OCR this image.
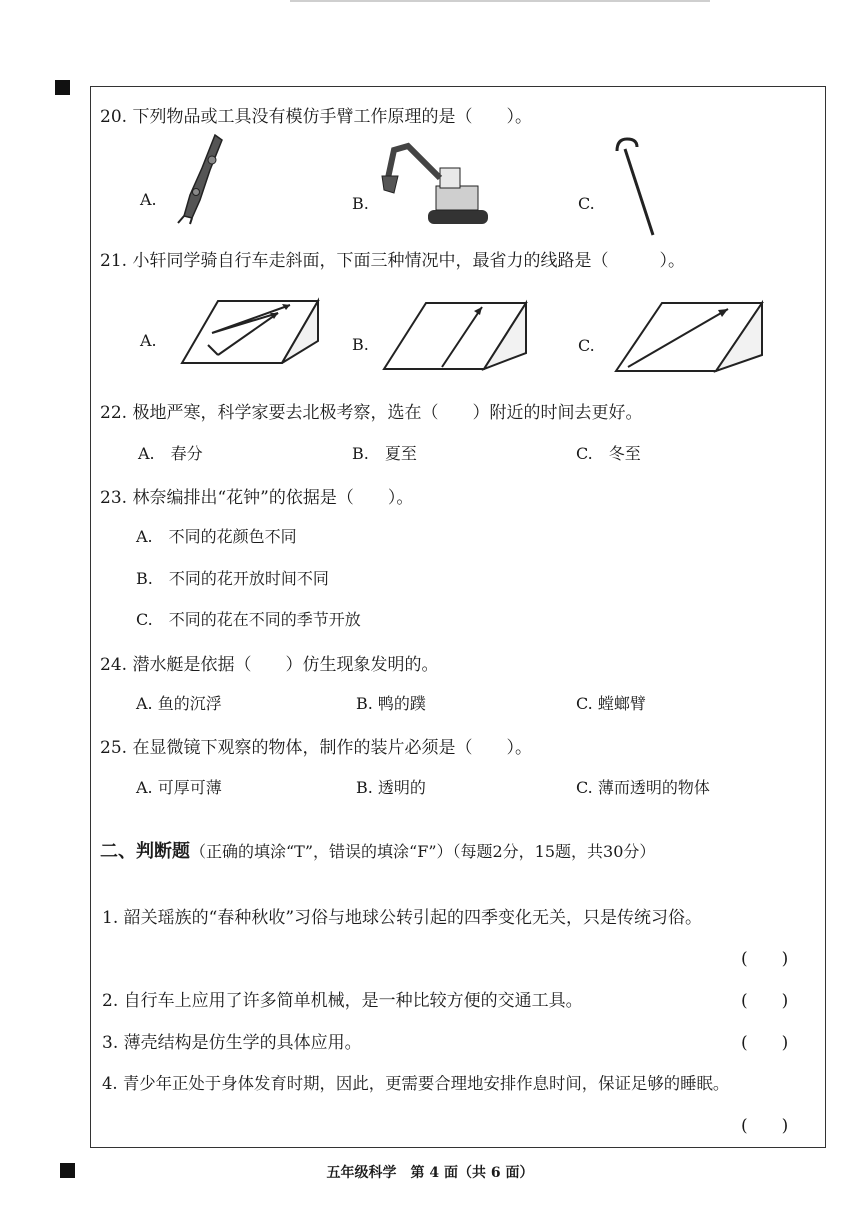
20. 下列物品或工具没有模仿手臂工作原理的是（　　）。
A.	B.	C.
21. 小轩同学骑自行车走斜面，下面三种情况中，最省力的线路是（　　　）。
A.	B.	C.
22. 极地严寒，科学家要去北极考察，选在（　　）附近的时间去更好。
A.　春分	B.　夏至	C.　冬至
23. 林奈编排出“花钟”的依据是（　　）。
A.　不同的花颜色不同
B.　不同的花开放时间不同
C.　不同的花在不同的季节开放
24. 潜水艇是依据（　　）仿生现象发明的。
A. 鱼的沉浮	B. 鸭的蹼	C. 螳螂臂
25. 在显微镜下观察的物体，制作的装片必须是（　　）。
A. 可厚可薄	B. 透明的	C. 薄而透明的物体
二、判断题（正确的填涂“T”，错误的填涂“F”）（每题2分，15题，共30分）
1. 韶关瑶族的“春种秋收”习俗与地球公转引起的四季变化无关，只是传统习俗。
(　　)
2. 自行车上应用了许多简单机械，是一种比较方便的交通工具。	(　　)
3. 薄壳结构是仿生学的具体应用。	(　　)
4. 青少年正处于身体发育时期，因此，更需要合理地安排作息时间，保证足够的睡眠。
(　　)
五年级科学　第 4 面（共 6 面）
